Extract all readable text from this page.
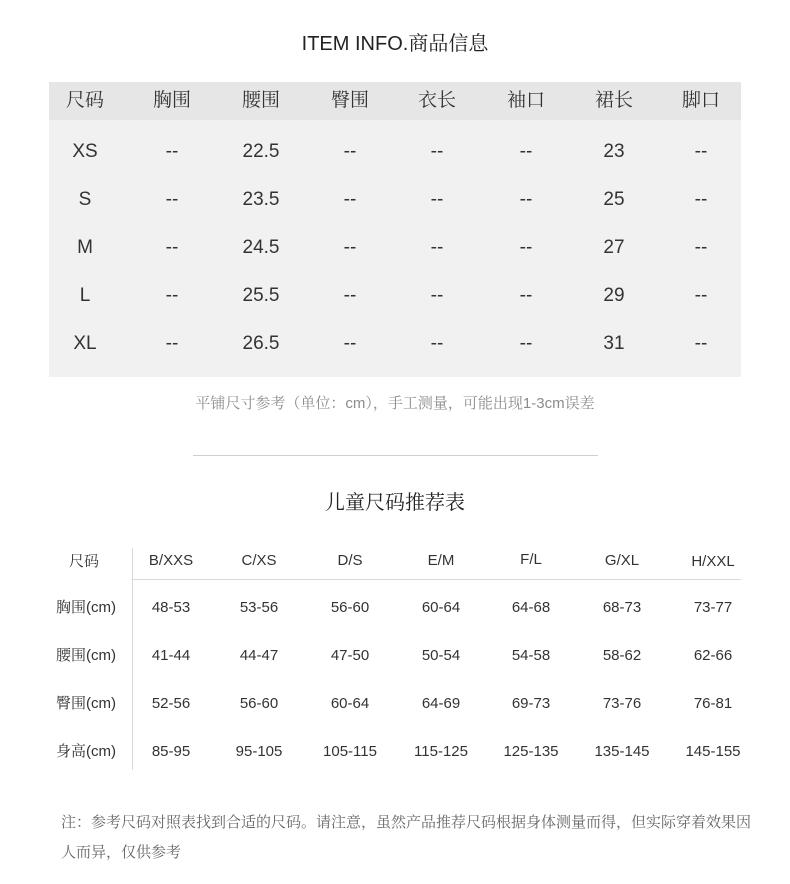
ITEM INFO.商品信息
尺码	胸围	腰围	臀围	衣长	袖口	裙长	脚口
XS	--	22.5	--	--	--	23	--
S	--	23.5	--	--	--	25	--
M	--	24.5	--	--	--	27	--
L	--	25.5	--	--	--	29	--
XL	--	26.5	--	--	--	31	--
平铺尺寸参考（单位：cm），手工测量，可能出现1-3cm误差
儿童尺码推荐表
尺码	B/XXS	C/XS	D/S	E/M	F/L	G/XL	H/XXL
胸围(cm) 48-53	53-56	56-60	60-64	64-68	68-73	73-77
腰围(cm) 41-44	44-47	47-50	50-54	54-58	58-62	62-66
臀围(cm) 52-56	56-60	60-64	64-69	69-73	73-76	76-81
身高(cm) 85-95	95-105	105-115 115-125 125-135 135-145 145-155
注：参考尺码对照表找到合适的尺码。请注意，虽然产品推荐尺码根据身体测量而得，但实际穿着效果因人而异，仅供参考
